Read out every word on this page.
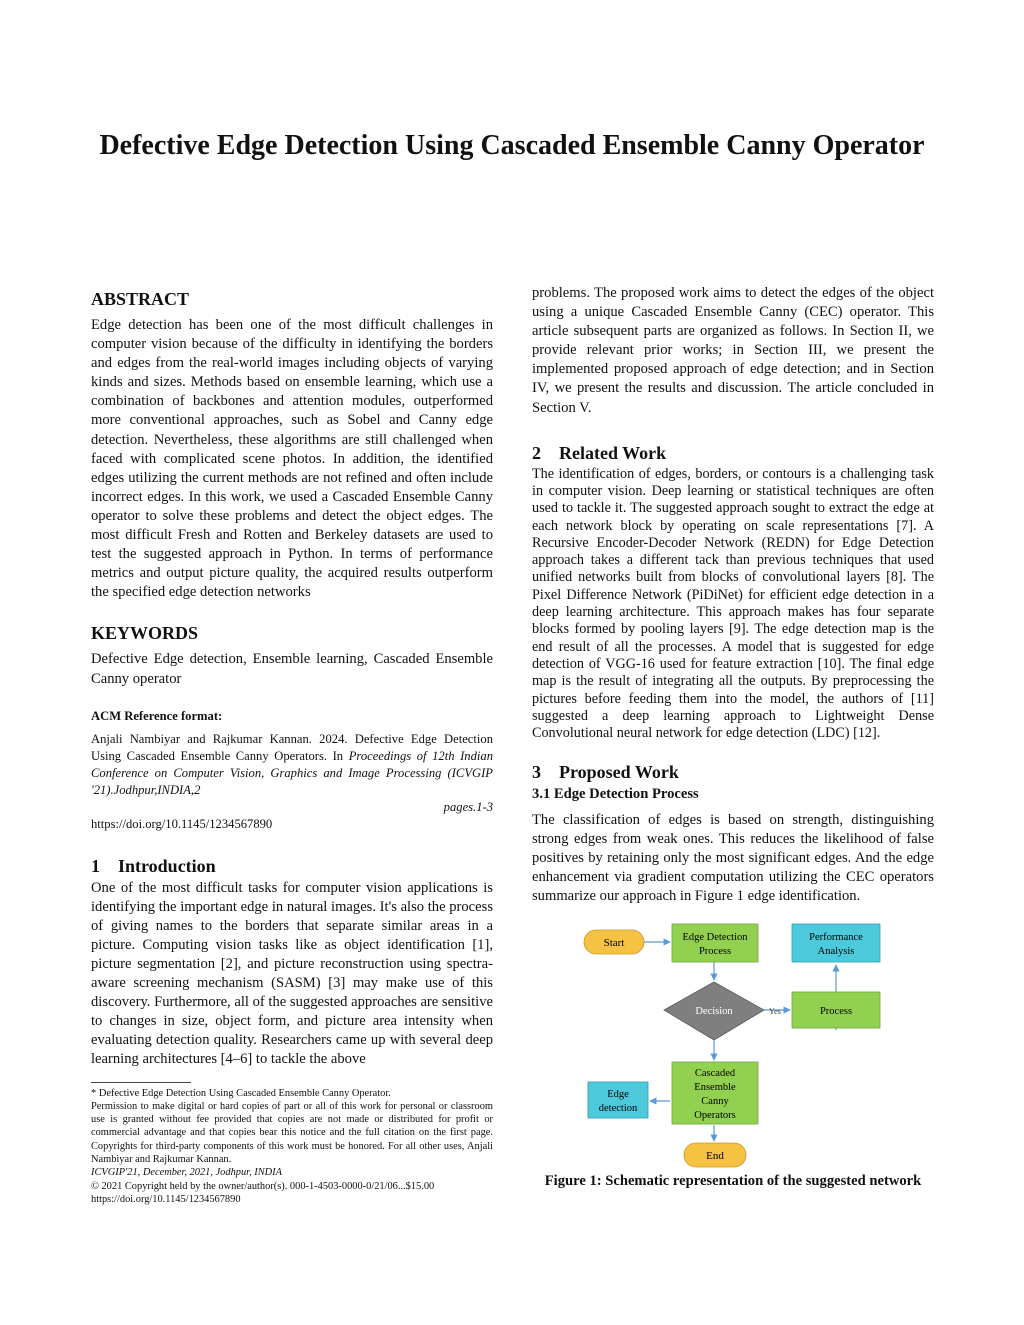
Defective Edge Detection Using Cascaded Ensemble Canny Operator
ABSTRACT

Edge detection has been one of the most difficult challenges in computer vision because of the difficulty in identifying the borders and edges from the real-world images including objects of varying kinds and sizes. Methods based on ensemble learning, which use a combination of backbones and attention modules, outperformed more conventional approaches, such as Sobel and Canny edge detection. Nevertheless, these algorithms are still challenged when faced with complicated scene photos. In addition, the identified edges utilizing the current methods are not refined and often include incorrect edges. In this work, we used a Cascaded Ensemble Canny operator to solve these problems and detect the object edges. The most difficult Fresh and Rotten and Berkeley datasets are used to test the suggested approach in Python. In terms of performance metrics and output picture quality, the acquired results outperform the specified edge detection networks

KEYWORDS

Defective Edge detection, Ensemble learning, Cascaded Ensemble Canny operator

ACM Reference format:

Anjali Nambiyar and Rajkumar Kannan. 2024. Defective Edge Detection Using Cascaded Ensemble Canny Operators. In Proceedings of 12th Indian Conference on Computer Vision, Graphics and Image Processing (ICVGIP '21).Jodhpur,INDIA,2

pages.1-3
https://doi.org/10.1145/1234567890
1 Introduction

One of the most difficult tasks for computer vision applications is identifying the important edge in natural images. It's also the process of giving names to the borders that separate similar areas in a picture. Computing vision tasks like as object identification [1], picture segmentation [2], and picture reconstruction using spectra-aware screening mechanism (SASM) [3] may make use of this discovery. Furthermore, all of the suggested approaches are sensitive to changes in size, object form, and picture area intensity when evaluating detection quality. Researchers came up with several deep learning architectures [4–6] to tackle the above

* Defective Edge Detection Using Cascaded Ensemble Canny Operator.
Permission to make digital or hard copies of part or all of this work for personal or classroom use is granted without fee provided that copies are not made or distributed for profit or commercial advantage and that copies bear this notice and the full citation on the first page. Copyrights for third-party components of this work must be honored. For all other uses, Anjali Nambiyar and Rajkumar Kannan.
ICVGIP'21, December, 2021, Jodhpur, INDIA
© 2021 Copyright held by the owner/author(s). 000-1-4503-0000-0/21/06...$15.00
https://doi.org/10.1145/1234567890

problems. The proposed work aims to detect the edges of the object using a unique Cascaded Ensemble Canny (CEC) operator. This article subsequent parts are organized as follows. In Section II, we provide relevant prior works; in Section III, we present the implemented proposed approach of edge detection; and in Section IV, we present the results and discussion. The article concluded in Section V.

2 Related Work

The identification of edges, borders, or contours is a challenging task in computer vision. Deep learning or statistical techniques are often used to tackle it. The suggested approach sought to extract the edge at each network block by operating on scale representations [7]. A Recursive Encoder-Decoder Network (REDN) for Edge Detection approach takes a different tack than previous techniques that used unified networks built from blocks of convolutional layers [8]. The Pixel Difference Network (PiDiNet) for efficient edge detection in a deep learning architecture. This approach makes has four separate blocks formed by pooling layers [9]. The edge detection map is the end result of all the processes. A model that is suggested for edge detection of VGG-16 used for feature extraction [10]. The final edge map is the result of integrating all the outputs. By preprocessing the pictures before feeding them into the model, the authors of [11] suggested a deep learning approach to Lightweight Dense Convolutional neural network for edge detection (LDC) [12].

3 Proposed Work
3.1 Edge Detection Process

The classification of edges is based on strength, distinguishing strong edges from weak ones. This reduces the likelihood of false positives by retaining only the most significant edges. And the edge enhancement via gradient computation utilizing the CEC operators summarize our approach in Figure 1 edge identification.

Start	Edge Detection
Process
Performance
Analysis
Decision	Yes	Process
Cascaded
Ensemble
Canny
Operators
Edge
detection
End
Figure 1: Schematic representation of the suggested network
